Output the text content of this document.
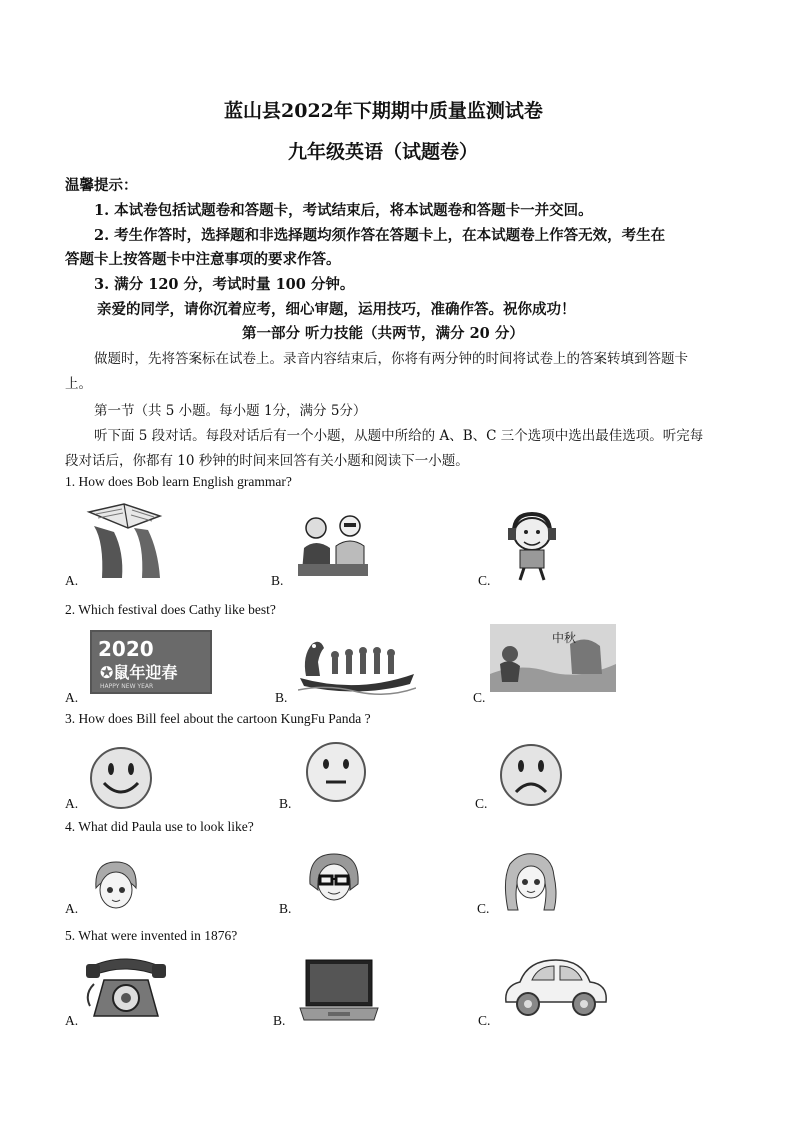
蓝山县2022年下期期中质量监测试卷
九年级英语（试题卷）
温馨提示：
1. 本试卷包括试题卷和答题卡，考试结束后，将本试题卷和答题卡一并交回。
2. 考生作答时，选择题和非选择题均须作答在答题卡上，在本试题卷上作答无效，考生在
答题卡上按答题卡中注意事项的要求作答。
3. 满分 120 分，考试时量 100 分钟。
亲爱的同学，请你沉着应考，细心审题，运用技巧，准确作答。祝你成功！
第一部分 听力技能（共两节，满分 20 分）
做题时，先将答案标在试卷上。录音内容结束后，你将有两分钟的时间将试卷上的答案转填到答题卡
上。
第一节（共 5 小题。每小题 1分，满分 5分）
听下面 5 段对话。每段对话后有一个小题，从题中所给的 A、B、C 三个选项中选出最佳选项。听完每
段对话后，你都有 10 秒钟的时间来回答有关小题和阅读下一小题。
1. How does Bob learn English grammar?
A.	B.	C.
2. Which festival does Cathy like best?
2020
✪鼠年迎春
HAPPY NEW YEAR
A.	B.
中秋
C.
3. How does Bill feel about the cartoon KungFu Panda ?
A.	B.	C.
4. What did Paula use to look like?
A.	B.	C.
5. What were invented in 1876?
A.	B.	C.
